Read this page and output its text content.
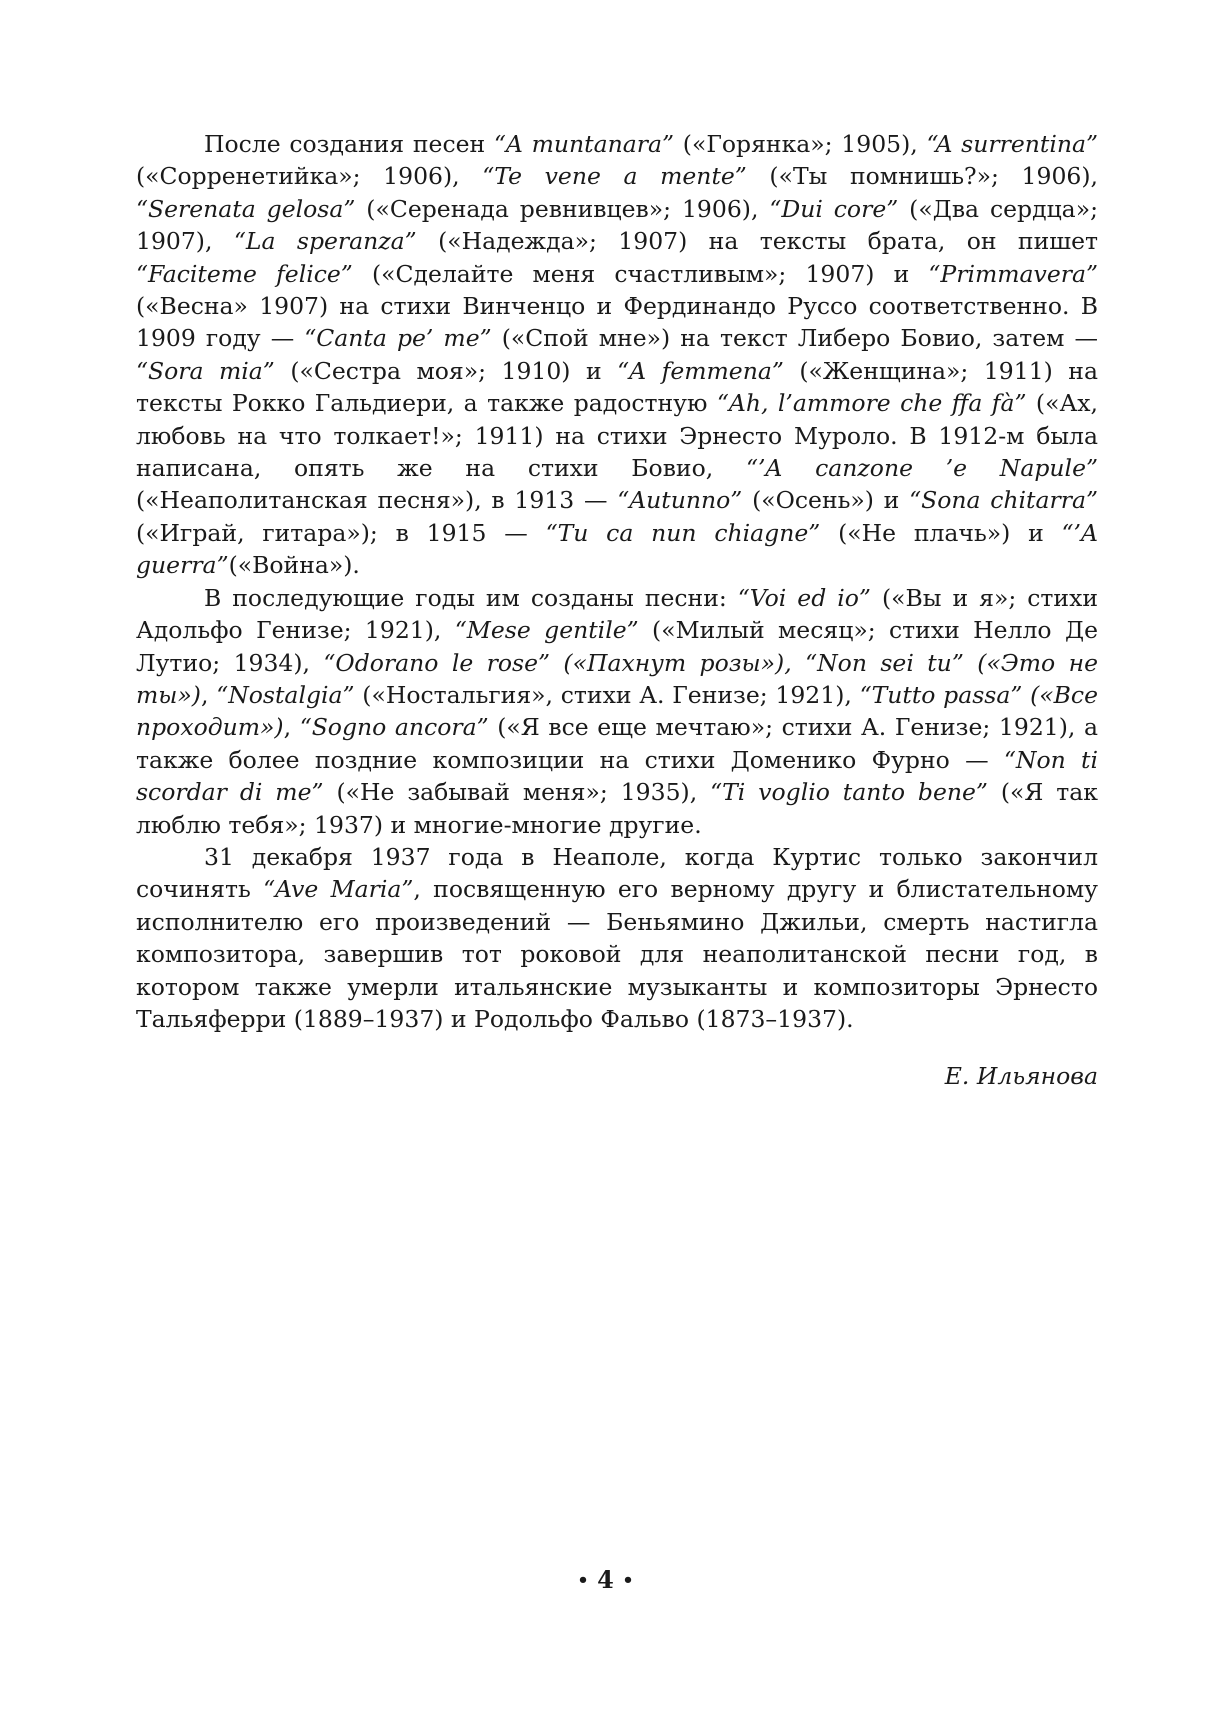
После создания песен “A muntanara” («Горянка»; 1905), “A surrentina” («Сорренетийка»; 1906), “Te vene a mente” («Ты помнишь?»; 1906), “Serenata gelosa” («Серенада ревнивцев»; 1906), “Dui core” («Два сердца»; 1907), “La speranza” («Надежда»; 1907) на тексты брата, он пишет “Faciteme felice” («Сделайте меня счастливым»; 1907) и “Primmavera” («Весна» 1907) на стихи Винченцо и Фердинандо Руссо соответственно. В 1909 году — “Canta pe’ me” («Спой мне») на текст Либеро Бовио, затем — “Sora mia” («Сестра моя»; 1910) и “A femmena” («Женщина»; 1911) на тексты Рокко Гальдиери, а также радостную “Ah, l’ammore che ffa fà” («Ах, любовь на что толкает!»; 1911) на стихи Эрнесто Муроло. В 1912-м была написана, опять же на стихи Бовио, “’A canzone ’e Napule” («Неаполитанская песня»), в 1913 — “Autunno” («Осень») и “Sona chitarra” («Играй, гитара»); в 1915 — “Tu ca nun chiagne” («Не плачь») и “’A guerra”(«Война»).

В последующие годы им созданы песни: “Voi ed io” («Вы и я»; стихи Адольфо Генизе; 1921), “Mese gentile” («Милый месяц»; стихи Нелло Де Лутио; 1934), “Odorano le rose” («Пахнут розы»), “Non sei tu” («Это не ты»), “Nostalgia” («Ностальгия», стихи А. Генизе; 1921), “Tutto passa” («Все проходит»), “Sogno ancora” («Я все еще мечтаю»; стихи А. Генизе; 1921), а также более поздние композиции на стихи Доменико Фурно — “Non ti scordar di me” («Не забывай меня»; 1935), “Ti voglio tanto bene” («Я так люблю тебя»; 1937) и многие-многие другие.

31 декабря 1937 года в Неаполе, когда Куртис только закончил сочинять “Ave Maria”, посвященную его верному другу и блистательному исполнителю его произведений — Беньямино Джильи, смерть настигла композитора, завершив тот роковой для неаполитанской песни год, в котором также умерли итальянские музыканты и композиторы Эрнесто Тальяферри (1889–1937) и Родольфо Фальво (1873–1937).

Е. Ильянова

• 4 •
